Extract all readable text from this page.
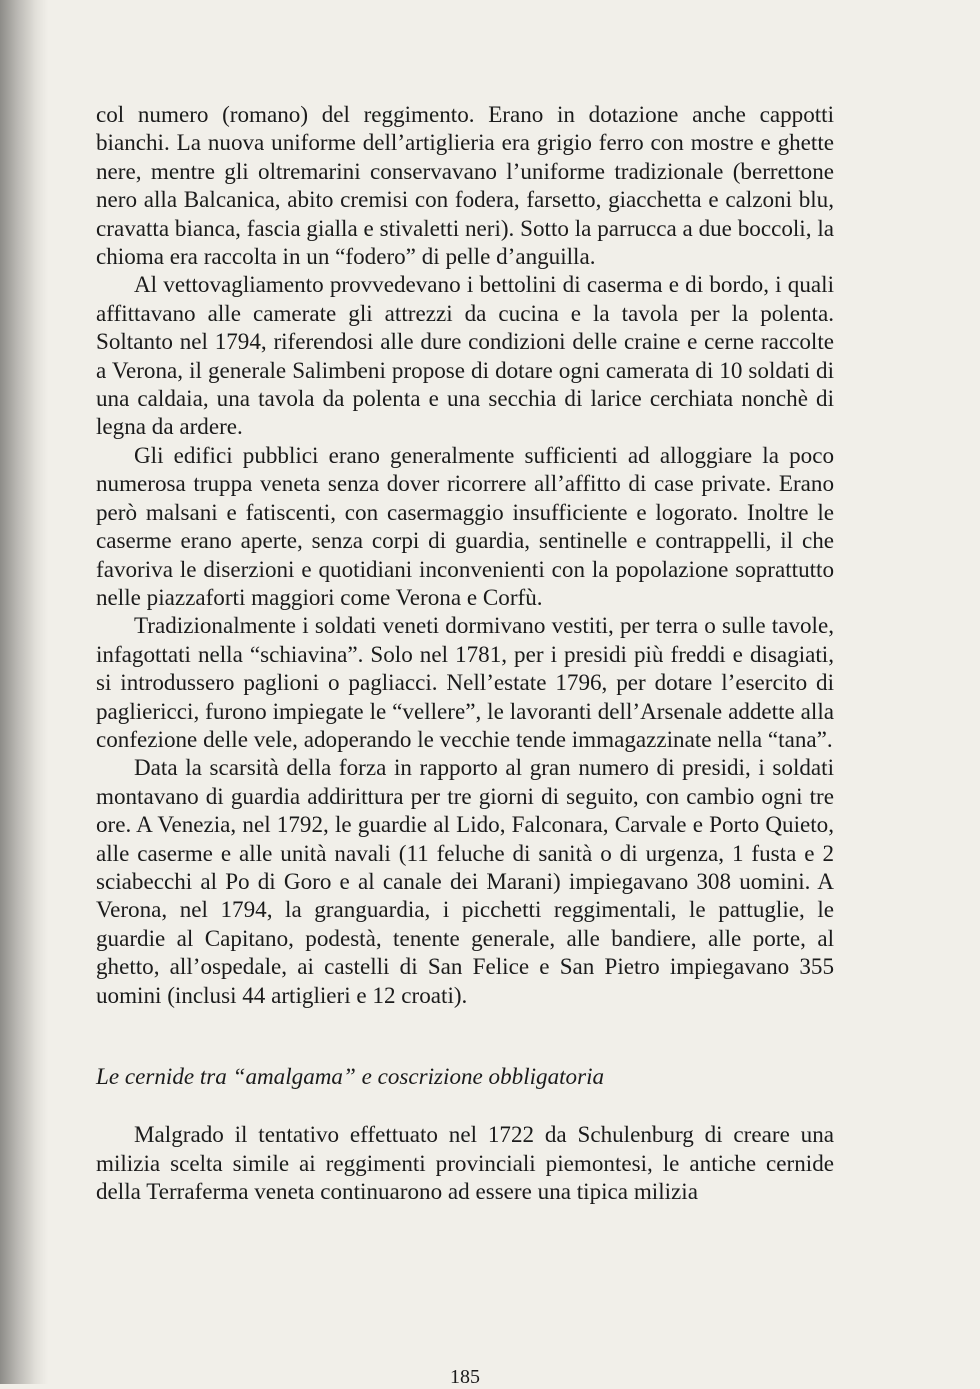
col numero (romano) del reggimento. Erano in dotazione anche cappotti bianchi. La nuova uniforme dell’artiglieria era grigio ferro con mostre e ghette nere, mentre gli oltremarini conservavano l’uniforme tradizionale (berrettone nero alla Balcanica, abito cremisi con fodera, farsetto, giacchetta e calzoni blu, cravatta bianca, fascia gialla e stivaletti neri). Sotto la parrucca a due boccoli, la chioma era raccolta in un “fodero” di pelle d’anguilla.

Al vettovagliamento provvedevano i bettolini di caserma e di bordo, i quali affittavano alle camerate gli attrezzi da cucina e la tavola per la polenta. Soltanto nel 1794, riferendosi alle dure condizioni delle craine e cerne raccolte a Verona, il generale Salimbeni propose di dotare ogni camerata di 10 soldati di una caldaia, una tavola da polenta e una secchia di larice cerchiata nonchè di legna da ardere.

Gli edifici pubblici erano generalmente sufficienti ad alloggiare la poco numerosa truppa veneta senza dover ricorrere all’affitto di case private. Erano però malsani e fatiscenti, con casermaggio insufficiente e logorato. Inoltre le caserme erano aperte, senza corpi di guardia, sentinelle e contrappelli, il che favoriva le diserzioni e quotidiani inconvenienti con la popolazione soprattutto nelle piazzaforti maggiori come Verona e Corfù.

Tradizionalmente i soldati veneti dormivano vestiti, per terra o sulle tavole, infagottati nella “schiavina”. Solo nel 1781, per i presidi più freddi e disagiati, si introdussero paglioni o pagliacci. Nell’estate 1796, per dotare l’esercito di pagliericci, furono impiegate le “vellere”, le lavoranti dell’Arsenale addette alla confezione delle vele, adoperando le vecchie tende immagazzinate nella “tana”.

Data la scarsità della forza in rapporto al gran numero di presidi, i soldati montavano di guardia addirittura per tre giorni di seguito, con cambio ogni tre ore. A Venezia, nel 1792, le guardie al Lido, Falconara, Carvale e Porto Quieto, alle caserme e alle unità navali (11 feluche di sanità o di urgenza, 1 fusta e 2 sciabecchi al Po di Goro e al canale dei Marani) impiegavano 308 uomini. A Verona, nel 1794, la granguardia, i picchetti reggimentali, le pattuglie, le guardie al Capitano, podestà, tenente generale, alle bandiere, alle porte, al ghetto, all’ospedale, ai castelli di San Felice e San Pietro impiegavano 355 uomini (inclusi 44 artiglieri e 12 croati).

Le cernide tra “amalgama” e coscrizione obbligatoria

Malgrado il tentativo effettuato nel 1722 da Schulenburg di creare una milizia scelta simile ai reggimenti provinciali piemontesi, le antiche cernide della Terraferma veneta continuarono ad essere una tipica milizia

185
